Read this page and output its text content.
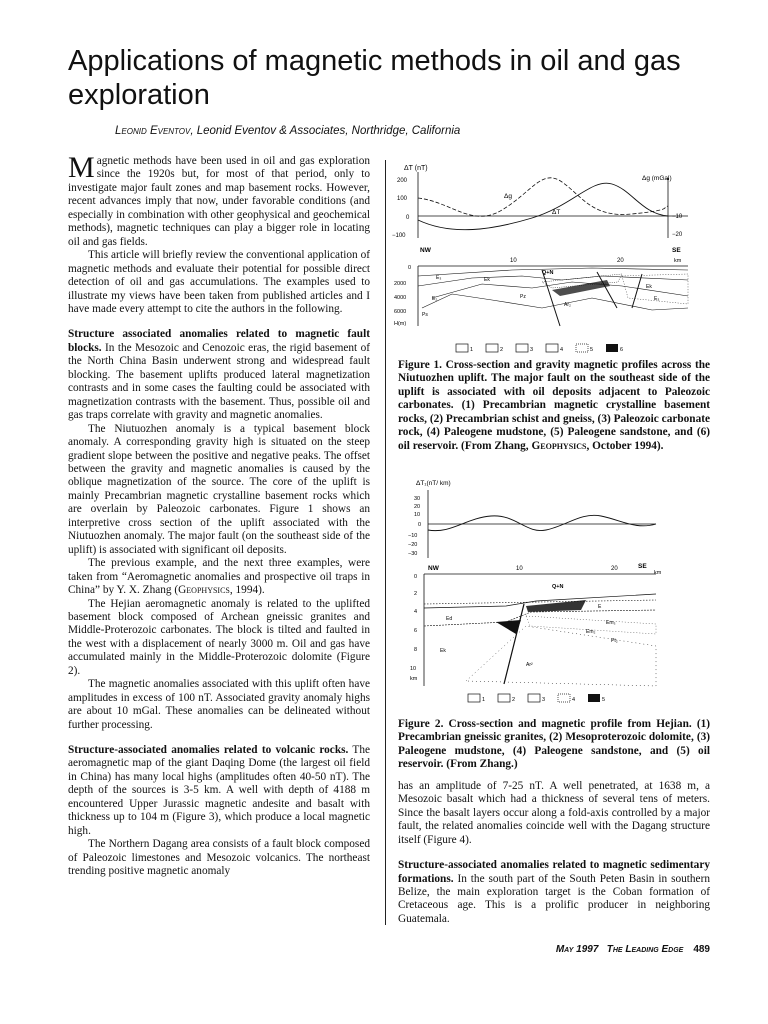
Applications of magnetic methods in oil and gas exploration
Leonid Eventov, Leonid Eventov & Associates, Northridge, California

Magnetic methods have been used in oil and gas exploration since the 1920s but, for most of that period, only to investigate major fault zones and map basement rocks. However, recent advances imply that now, under favorable conditions (and especially in combination with other geophysical and geochemical methods), magnetic techniques can play a bigger role in locating oil and gas fields.

This article will briefly review the conventional application of magnetic methods and evaluate their potential for possible direct detection of oil and gas accumulations. The examples used to illustrate my views have been taken from published articles and I have made every attempt to cite the authors in the following.

Structure associated anomalies related to magnetic fault blocks. In the Mesozoic and Cenozoic eras, the rigid basement of the North China Basin underwent strong and widespread fault blocking. The basement uplifts produced lateral magnetization contrasts and in some cases the faulting could be associated with magnetization contrasts with the basement. Thus, possible oil and gas traps correlate with gravity and magnetic anomalies.

The Niutuozhen anomaly is a typical basement block anomaly. A corresponding gravity high is situated on the steep gradient slope between the positive and negative peaks. The offset between the gravity and magnetic anomalies is caused by the oblique magnetization of the source. The core of the uplift is mainly Precambrian magnetic crystalline basement rocks which are overlain by Paleozoic carbonates. Figure 1 shows an interpretive cross section of the uplift associated with the Niutuozhen anomaly. The major fault (on the southeast side of the uplift) is associated with significant oil deposits.

The previous example, and the next three examples, were taken from “Aeromagnetic anomalies and prospective oil traps in China” by Y. X. Zhang (Geophysics, 1994).

The Hejian aeromagnetic anomaly is related to the uplifted basement block composed of Archean gneissic granites and Middle-Proterozoic carbonates. The block is tilted and faulted in the west with a displacement of nearly 3000 m. Oil and gas have accumulated mainly in the Middle-Proterozoic dolomite (Figure 2).

The magnetic anomalies associated with this uplift often have amplitudes in excess of 100 nT. Associated gravity anomaly highs are about 10 mGal. These anomalies can be delineated without further processing.

Structure-associated anomalies related to volcanic rocks. The aeromagnetic map of the giant Daqing Dome (the largest oil field in China) has many local highs (amplitudes often 40-50 nT). The depth of the sources is 3-5 km. A well with depth of 4188 m encountered Upper Jurassic magnetic andesite and basalt with thickness up to 104 m (Figure 3), which produce a local magnetic high.

The Northern Dagang area consists of a fault block composed of Paleozoic limestones and Mesozoic volcanics. The northeast trending positive magnetic anomaly

ΔT (nT)
Δg (mGal)
200
100
0
−100
−10
−20
Δg
ΔT
NW	SE
km
10	20
0
2000
4000
6000
H(m)
Q+N
E₃	Ek
Pz
Ar₂
E₂
Ek
Ps
E₃
1	2	3	4	5	6

Figure 1. Cross-section and gravity magnetic profiles across the Niutuozhen uplift. The major fault on the southeast side of the uplift is associated with oil deposits adjacent to Paleozoic carbonates. (1) Precambrian magnetic crystalline basement rocks, (2) Precambrian schist and gneiss, (3) Paleozoic carbonate rock, (4) Paleogene mudstone, (5) Paleogene sandstone, and (6) oil reservoir. (From Zhang, Geophysics, October 1994).

ΔT₁(nT/ km)
30
20
10
0
−10
−20
−30
NW	SE
km
10	20
0
2
4
6
8
10
km
Q+N
E
Ed
Em₃
Em₂
Pt₂
Ek
Ar²
1	2	3	4	5

Figure 2. Cross-section and magnetic profile from Hejian. (1) Precambrian gneissic granites, (2) Mesoproterozoic dolomite, (3) Paleogene mudstone, (4) Paleogene sandstone, and (5) oil reservoir. (From Zhang.)

has an amplitude of 7-25 nT. A well penetrated, at 1638 m, a Mesozoic basalt which had a thickness of several tens of meters. Since the basalt layers occur along a fold-axis controlled by a major fault, the related anomalies coincide well with the Dagang structure itself (Figure 4).

Structure-associated anomalies related to magnetic sedimentary formations. In the south part of the South Peten Basin in southern Belize, the main exploration target is the Coban formation of Cretaceous age. This is a prolific producer in neighboring Guatemala.

May 1997 The Leading Edge 489
